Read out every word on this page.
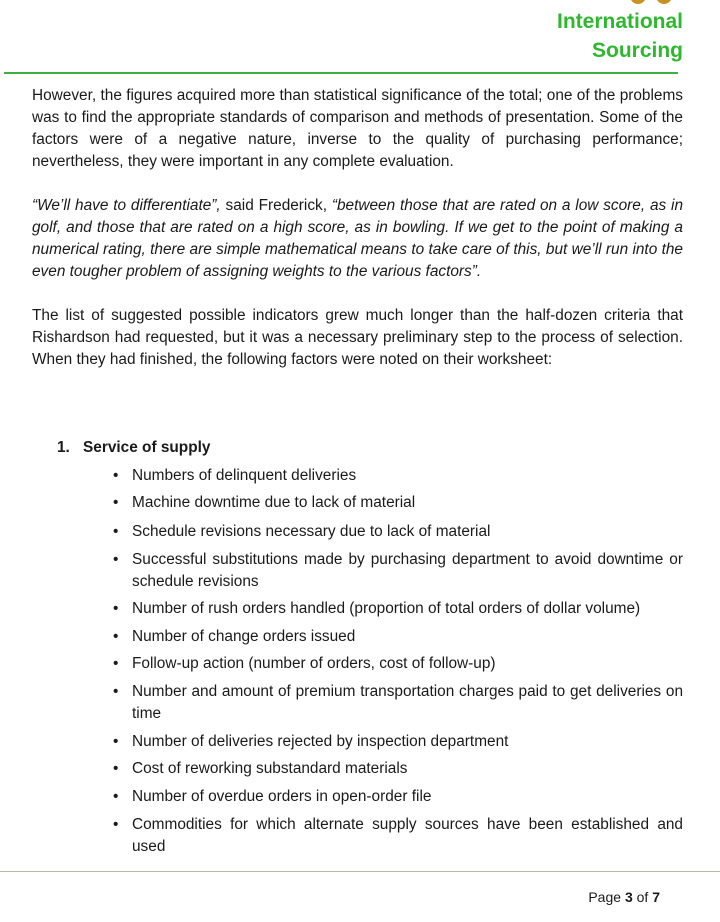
International
Sourcing

However, the figures acquired more than statistical significance of the total; one of the problems was to find the appropriate standards of comparison and methods of presentation. Some of the factors were of a negative nature, inverse to the quality of purchasing performance; nevertheless, they were important in any complete evaluation.

“We’ll have to differentiate”, said Frederick, “between those that are rated on a low score, as in golf, and those that are rated on a high score, as in bowling. If we get to the point of making a numerical rating, there are simple mathematical means to take care of this, but we’ll run into the even tougher problem of assigning weights to the various factors”.

The list of suggested possible indicators grew much longer than the half-dozen criteria that Rishardson had requested, but it was a necessary preliminary step to the process of selection. When they had finished, the following factors were noted on their worksheet:

1. Service of supply
• Numbers of delinquent deliveries
• Machine downtime due to lack of material
• Schedule revisions necessary due to lack of material
• Successful substitutions made by purchasing department to avoid downtime or schedule revisions
• Number of rush orders handled (proportion of total orders of dollar volume)
• Number of change orders issued
• Follow-up action (number of orders, cost of follow-up)
• Number and amount of premium transportation charges paid to get deliveries on time
• Number of deliveries rejected by inspection department
• Cost of reworking substandard materials
• Number of overdue orders in open-order file
• Commodities for which alternate supply sources have been established and used
Page 3 of 7
